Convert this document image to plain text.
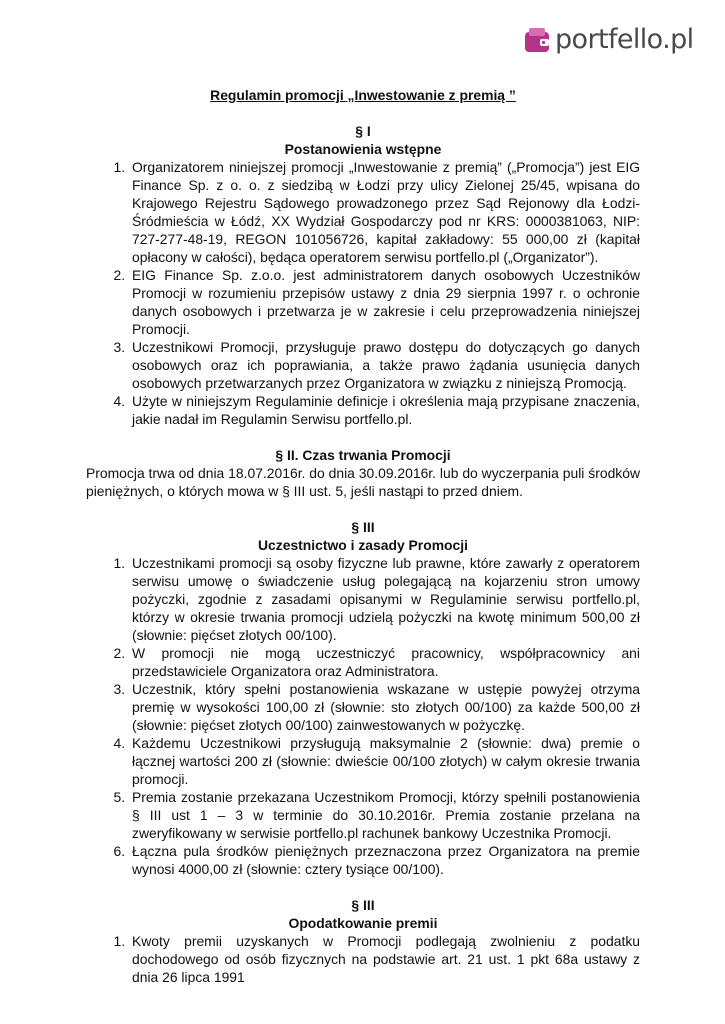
portfello.pl
Regulamin promocji „Inwestowanie z premią ”
§ I
Postanowienia wstępne
1. Organizatorem niniejszej promocji „Inwestowanie z premią” („Promocja”) jest EIG Finance Sp. z o. o. z siedzibą w Łodzi przy ulicy Zielonej 25/45, wpisana do Krajowego Rejestru Sądowego prowadzonego przez Sąd Rejonowy dla Łodzi-Śródmieścia w Łódź, XX Wydział Gospodarczy pod nr KRS: 0000381063, NIP: 727-277-48-19, REGON 101056726, kapitał zakładowy: 55 000,00 zł (kapitał opłacony w całości), będąca operatorem serwisu portfello.pl („Organizator”).
2. EIG Finance Sp. z.o.o. jest administratorem danych osobowych Uczestników Promocji w rozumieniu przepisów ustawy z dnia 29 sierpnia 1997 r. o ochronie danych osobowych i przetwarza je w zakresie i celu przeprowadzenia niniejszej Promocji.
3. Uczestnikowi Promocji, przysługuje prawo dostępu do dotyczących go danych osobowych oraz ich poprawiania, a także prawo żądania usunięcia danych osobowych przetwarzanych przez Organizatora w związku z niniejszą Promocją.
4. Użyte w niniejszym Regulaminie definicje i określenia mają przypisane znaczenia, jakie nadał im Regulamin Serwisu portfello.pl.
§ II. Czas trwania Promocji
Promocja trwa od dnia 18.07.2016r. do dnia 30.09.2016r. lub do wyczerpania puli środków pieniężnych, o których mowa w § III ust. 5, jeśli nastąpi to przed dniem.
§ III
Uczestnictwo i zasady Promocji
1. Uczestnikami promocji są osoby fizyczne lub prawne, które zawarły z operatorem serwisu umowę o świadczenie usług polegającą na kojarzeniu stron umowy pożyczki, zgodnie z zasadami opisanymi w Regulaminie serwisu portfello.pl, którzy w okresie trwania promocji udzielą pożyczki na kwotę minimum 500,00 zł (słownie: pięćset złotych 00/100).
2. W promocji nie mogą uczestniczyć pracownicy, współpracownicy ani przedstawiciele Organizatora oraz Administratora.
3. Uczestnik, który spełni postanowienia wskazane w ustępie powyżej otrzyma premię w wysokości 100,00 zł (słownie: sto złotych 00/100) za każde 500,00 zł (słownie: pięćset złotych 00/100) zainwestowanych w pożyczkę.
4. Każdemu Uczestnikowi przysługują maksymalnie 2 (słownie: dwa) premie o łącznej wartości 200 zł (słownie: dwieście 00/100 złotych) w całym okresie trwania promocji.
5. Premia zostanie przekazana Uczestnikom Promocji, którzy spełnili postanowienia § III ust 1 – 3 w terminie do 30.10.2016r. Premia zostanie przelana na zweryfikowany w serwisie portfello.pl rachunek bankowy Uczestnika Promocji.
6. Łączna pula środków pieniężnych przeznaczona przez Organizatora na premie wynosi 4000,00 zł (słownie: cztery tysiące 00/100).
§ III
Opodatkowanie premii
1. Kwoty premii uzyskanych w Promocji podlegają zwolnieniu z podatku dochodowego od osób fizycznych na podstawie art. 21 ust. 1 pkt 68a ustawy z dnia 26 lipca 1991
